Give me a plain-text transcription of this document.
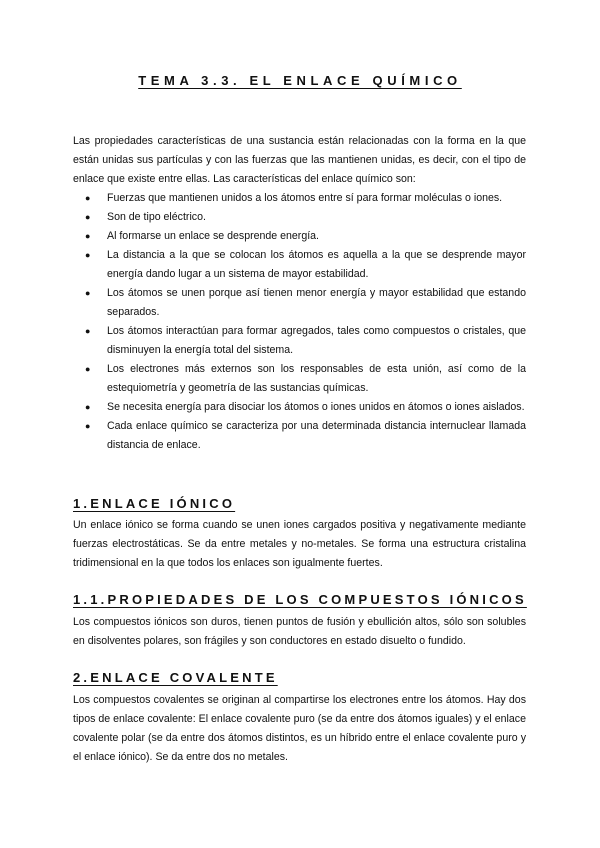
TEMA 3.3. EL ENLACE QUÍMICO

Las propiedades características de una sustancia están relacionadas con la forma en la que están unidas sus partículas y con las fuerzas que las mantienen unidas, es decir, con el tipo de enlace que existe entre ellas. Las características del enlace químico son:

● Fuerzas que mantienen unidos a los átomos entre sí para formar moléculas o iones.
● Son de tipo eléctrico.
● Al formarse un enlace se desprende energía.
● La distancia a la que se colocan los átomos es aquella a la que se desprende mayor energía dando lugar a un sistema de mayor estabilidad.
● Los átomos se unen porque así tienen menor energía y mayor estabilidad que estando separados.
● Los átomos interactúan para formar agregados, tales como compuestos o cristales, que disminuyen la energía total del sistema.
● Los electrones más externos son los responsables de esta unión, así como de la estequiometría y geometría de las sustancias químicas.
● Se necesita energía para disociar los átomos o iones unidos en átomos o iones aislados.
● Cada enlace químico se caracteriza por una determinada distancia internuclear llamada distancia de enlace.
1.ENLACE IÓNICO

Un enlace iónico se forma cuando se unen iones cargados positiva y negativamente mediante fuerzas electrostáticas. Se da entre metales y no-metales. Se forma una estructura cristalina tridimensional en la que todos los enlaces son igualmente fuertes.

1.1.PROPIEDADES DE LOS COMPUESTOS IÓNICOS

Los compuestos iónicos son duros, tienen puntos de fusión y ebullición altos, sólo son solubles en disolventes polares, son frágiles y son conductores en estado disuelto o fundido.

2.ENLACE COVALENTE

Los compuestos covalentes se originan al compartirse los electrones entre los átomos. Hay dos tipos de enlace covalente: El enlace covalente puro (se da entre dos átomos iguales) y el enlace covalente polar (se da entre dos átomos distintos, es un híbrido entre el enlace covalente puro y el enlace iónico). Se da entre dos no metales.
